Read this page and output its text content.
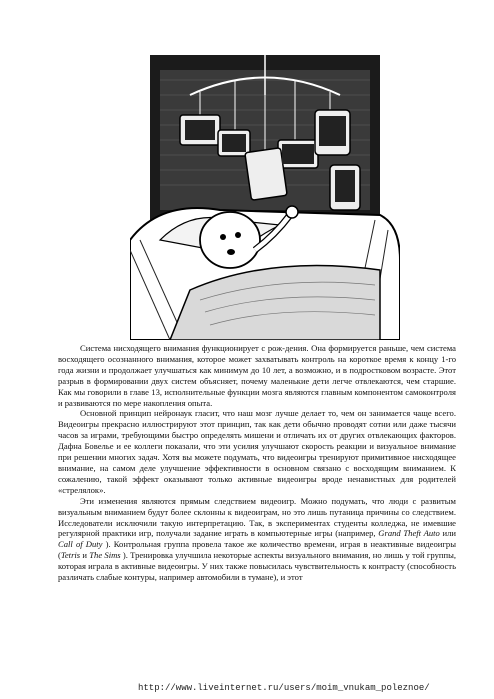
Система нисходящего внимания функционирует с рож-дения. Она формируется раньше, чем система восходящего осознанного внимания, которое может захватывать контроль на короткое время к концу 1-го года жизни и продолжает улучшаться как минимум до 10 лет, а возможно, и в подростковом возрасте. Этот разрыв в формировании двух систем объясняет, почему маленькие дети легче отвлекаются, чем старшие. Как мы говорили в главе 13, исполнительные функции мозга являются главным компонентом самоконтроля и развиваются по мере накопления опыта.

Основной принцип нейронаук гласит, что наш мозг лучше делает то, чем он занимается чаще всего. Видеоигры прекрасно иллюстрируют этот принцип, так как дети обычно проводят сотни или даже тысячи часов за играми, требующими быстро определять мишени и отличать их от других отвлекающих факторов. Дафна Бовелье и ее коллеги показали, что эти усилия улучшают скорость реакции и визуальное внимание при решении многих задач. Хотя вы можете подумать, что видеоигры тренируют примитивное нисходящее внимание, на самом деле улучшение эффективности в основном связано с восходящим вниманием. К сожалению, такой эффект оказывают только активные видеоигры вроде ненавистных для родителей «стрелялок».

Эти изменения являются прямым следствием видеоигр. Можно подумать, что люди с развитым визуальным вниманием будут более склонны к видеоиграм, но это лишь путаница причины со следствием. Исследователи исключили такую интерпретацию. Так, в экспериментах студенты колледжа, не имевшие регулярной практики игр, получали задание играть в компьютерные игры (например, Grand Theft Auto или Call of Duty ). Контрольная группа провела такое же количество времени, играя в неактивные видеоигры (Tetris и The Sims ). Тренировка улучшила некоторые аспекты визуального внимания, но лишь у той группы, которая играла в активные видеоигры. У них также повысилась чувствительность к контрасту (способность различать слабые контуры, например автомобили в тумане), и этот

http://www.liveinternet.ru/users/moim_vnukam_poleznoe/
